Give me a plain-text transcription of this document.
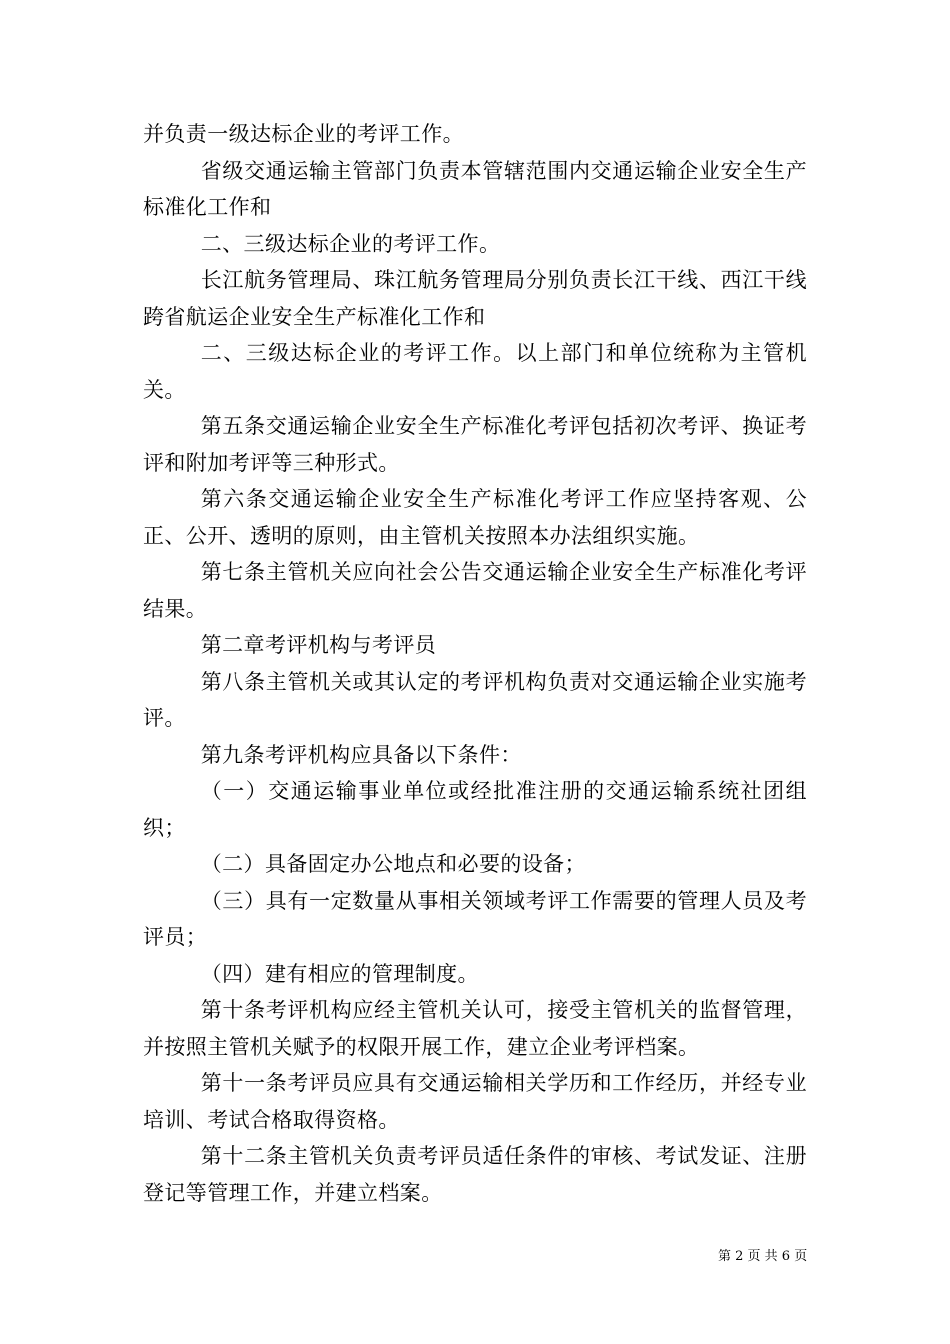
并负责一级达标企业的考评工作。

省级交通运输主管部门负责本管辖范围内交通运输企业安全生产标准化工作和

二、三级达标企业的考评工作。

长江航务管理局、珠江航务管理局分别负责长江干线、西江干线跨省航运企业安全生产标准化工作和

二、三级达标企业的考评工作。以上部门和单位统称为主管机关。

第五条交通运输企业安全生产标准化考评包括初次考评、换证考评和附加考评等三种形式。

第六条交通运输企业安全生产标准化考评工作应坚持客观、公正、公开、透明的原则，由主管机关按照本办法组织实施。

第七条主管机关应向社会公告交通运输企业安全生产标准化考评结果。

第二章考评机构与考评员

第八条主管机关或其认定的考评机构负责对交通运输企业实施考评。

第九条考评机构应具备以下条件：

（一）交通运输事业单位或经批准注册的交通运输系统社团组织；

（二）具备固定办公地点和必要的设备；

（三）具有一定数量从事相关领域考评工作需要的管理人员及考评员；

（四）建有相应的管理制度。

第十条考评机构应经主管机关认可，接受主管机关的监督管理，并按照主管机关赋予的权限开展工作，建立企业考评档案。

第十一条考评员应具有交通运输相关学历和工作经历，并经专业培训、考试合格取得资格。

第十二条主管机关负责考评员适任条件的审核、考试发证、注册登记等管理工作，并建立档案。

第 2 页 共 6 页
